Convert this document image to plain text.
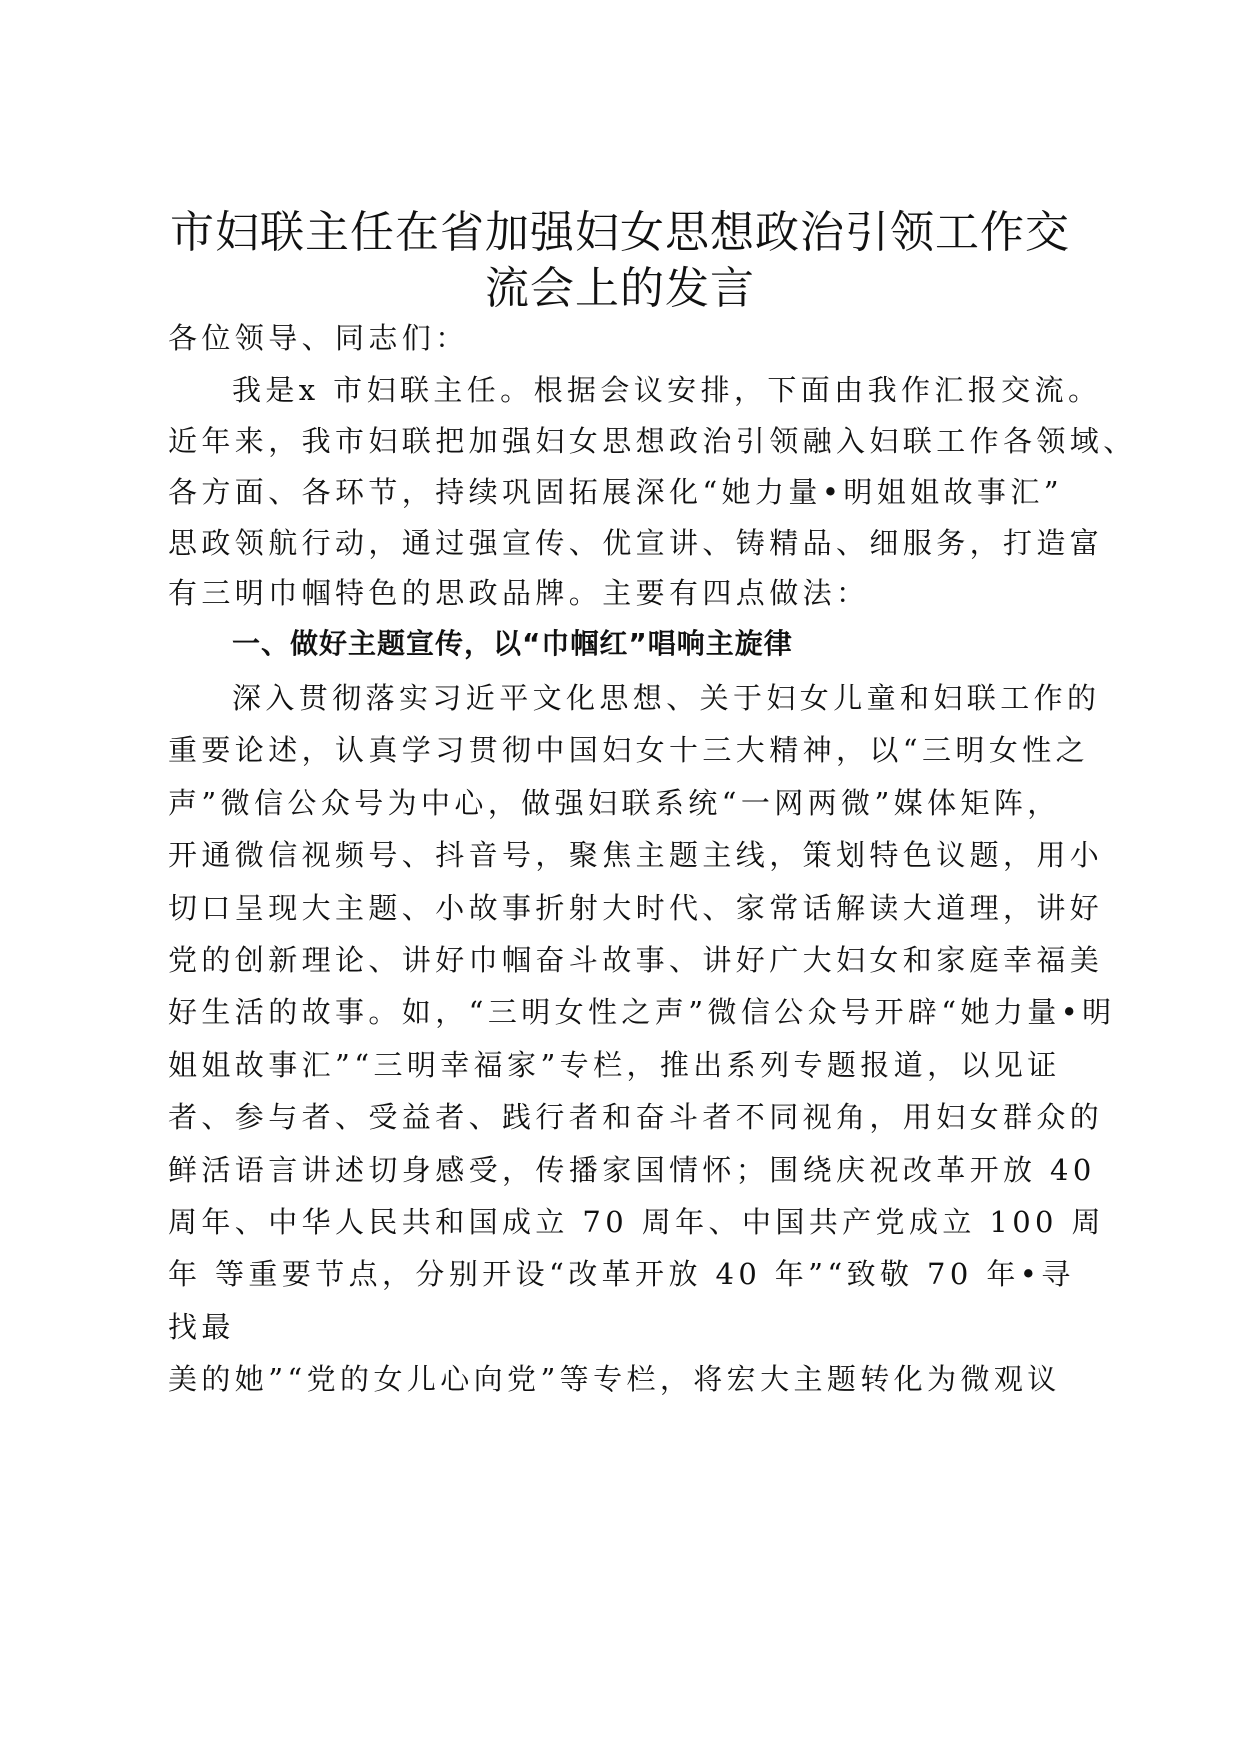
市妇联主任在省加强妇女思想政治引领工作交
流会上的发言
各位领导、同志们：
我是x 市妇联主任。根据会议安排，下面由我作汇报交流。
近年来，我市妇联把加强妇女思想政治引领融入妇联工作各领域、
各方面、各环节，持续巩固拓展深化“她力量•明姐姐故事汇”
思政领航行动，通过强宣传、优宣讲、铸精品、细服务，打造富
有三明巾帼特色的思政品牌。主要有四点做法：
一、做好主题宣传，以“巾帼红”唱响主旋律
深入贯彻落实习近平文化思想、关于妇女儿童和妇联工作的
重要论述，认真学习贯彻中国妇女十三大精神，以“三明女性之
声”微信公众号为中心，做强妇联系统“一网两微”媒体矩阵，
开通微信视频号、抖音号，聚焦主题主线，策划特色议题，用小
切口呈现大主题、小故事折射大时代、家常话解读大道理，讲好
党的创新理论、讲好巾帼奋斗故事、讲好广大妇女和家庭幸福美
好生活的故事。如，“三明女性之声”微信公众号开辟“她力量•明
姐姐故事汇”“三明幸福家”专栏，推出系列专题报道，以见证
者、参与者、受益者、践行者和奋斗者不同视角，用妇女群众的
鲜活语言讲述切身感受，传播家国情怀；围绕庆祝改革开放 40
周年、中华人民共和国成立 70 周年、中国共产党成立 100 周
年 等重要节点，分别开设“改革开放 40 年”“致敬 70 年•寻
找最
美的她”“党的女儿心向党”等专栏，将宏大主题转化为微观议
